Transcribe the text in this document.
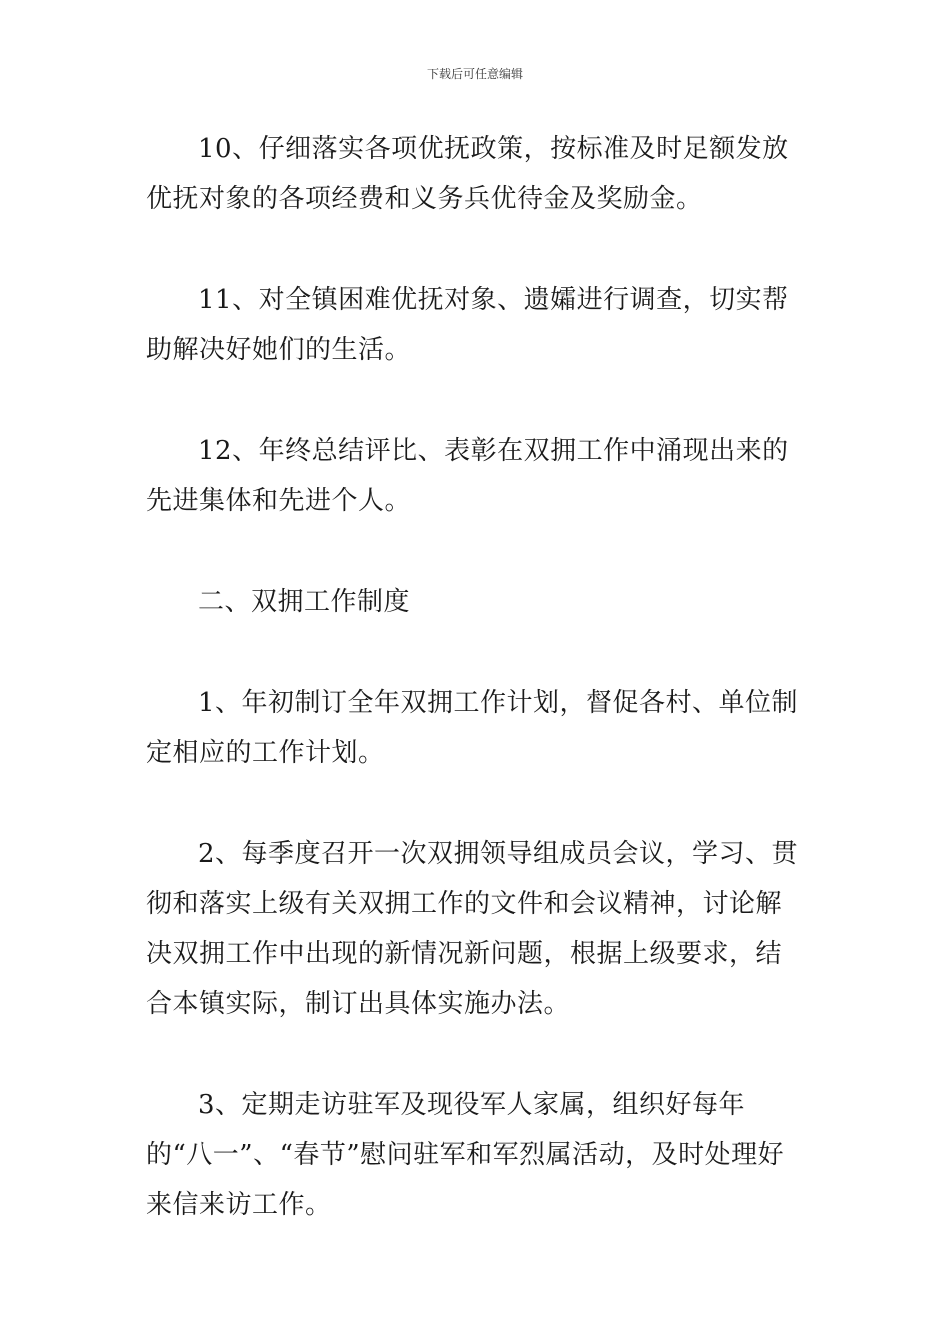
下载后可任意编辑

10、仔细落实各项优抚政策，按标准及时足额发放优抚对象的各项经费和义务兵优待金及奖励金。

11、对全镇困难优抚对象、遗孀进行调查，切实帮助解决好她们的生活。

12、年终总结评比、表彰在双拥工作中涌现出来的先进集体和先进个人。

二、双拥工作制度

1、年初制订全年双拥工作计划，督促各村、单位制定相应的工作计划。

2、每季度召开一次双拥领导组成员会议，学习、贯彻和落实上级有关双拥工作的文件和会议精神，讨论解决双拥工作中出现的新情况新问题，根据上级要求，结合本镇实际，制订出具体实施办法。

3、定期走访驻军及现役军人家属，组织好每年的“八一”、“春节”慰问驻军和军烈属活动，及时处理好来信来访工作。
